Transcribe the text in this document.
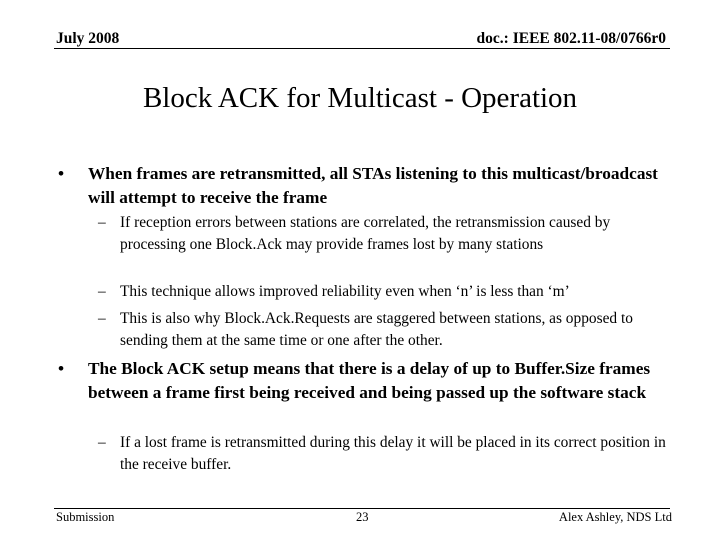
July 2008	doc.: IEEE 802.11-08/0766r0
Block ACK for Multicast - Operation
• When frames are retransmitted, all STAs listening to this multicast/broadcast will attempt to receive the frame
– If reception errors between stations are correlated, the retransmission caused by processing one Block.Ack may provide frames lost by many stations
– This technique allows improved reliability even when ‘n’ is less than ‘m’
– This is also why Block.Ack.Requests are staggered between stations, as opposed to sending them at the same time or one after the other.
• The Block ACK setup means that there is a delay of up to Buffer.Size frames between a frame first being received and being passed up the software stack
– If a lost frame is retransmitted during this delay it will be placed in its correct position in the receive buffer.
Submission	23	Alex Ashley, NDS Ltd
